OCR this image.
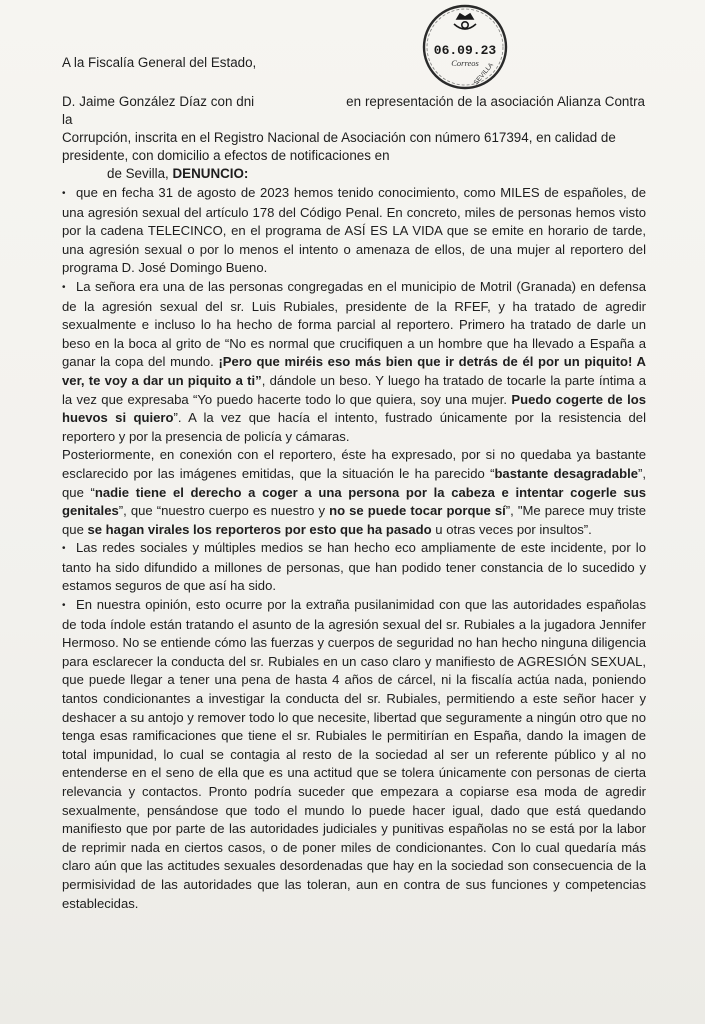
06.09.23
Correos
SEVILLA
A la Fiscalía General del Estado,
D. Jaime González Díaz con dni	en representación de la asociación Alianza Contra la
Corrupción, inscrita en el Registro Nacional de Asociación con número 617394, en calidad de
presidente, con domicilio a efectos de notificaciones en
de Sevilla, DENUNCIO:

• que en fecha 31 de agosto de 2023 hemos tenido conocimiento, como MILES de españoles, de una agresión sexual del artículo 178 del Código Penal. En concreto, miles de personas hemos visto por la cadena TELECINCO, en el programa de ASÍ ES LA VIDA que se emite en horario de tarde, una agresión sexual o por lo menos el intento o amenaza de ellos, de una mujer al reportero del programa D. José Domingo Bueno.

• La señora era una de las personas congregadas en el municipio de Motril (Granada) en defensa de la agresión sexual del sr. Luis Rubiales, presidente de la RFEF, y ha tratado de agredir sexualmente e incluso lo ha hecho de forma parcial al reportero. Primero ha tratado de darle un beso en la boca al grito de “No es normal que crucifiquen a un hombre que ha llevado a España a ganar la copa del mundo. ¡Pero que miréis eso más bien que ir detrás de él por un piquito! A ver, te voy a dar un piquito a ti”, dándole un beso. Y luego ha tratado de tocarle la parte íntima a la vez que expresaba “Yo puedo hacerte todo lo que quiera, soy una mujer. Puedo cogerte de los huevos si quiero”. A la vez que hacía el intento, fustrado únicamente por la resistencia del reportero y por la presencia de policía y cámaras.

Posteriormente, en conexión con el reportero, éste ha expresado, por si no quedaba ya bastante esclarecido por las imágenes emitidas, que la situación le ha parecido “bastante desagradable”, que “nadie tiene el derecho a coger a una persona por la cabeza e intentar cogerle sus genitales”, que “nuestro cuerpo es nuestro y no se puede tocar porque sí”, "Me parece muy triste que se hagan virales los reporteros por esto que ha pasado u otras veces por insultos”.

• Las redes sociales y múltiples medios se han hecho eco ampliamente de este incidente, por lo tanto ha sido difundido a millones de personas, que han podido tener constancia de lo sucedido y estamos seguros de que así ha sido.

• En nuestra opinión, esto ocurre por la extraña pusilanimidad con que las autoridades españolas de toda índole están tratando el asunto de la agresión sexual del sr. Rubiales a la jugadora Jennifer Hermoso. No se entiende cómo las fuerzas y cuerpos de seguridad no han hecho ninguna diligencia para esclarecer la conducta del sr. Rubiales en un caso claro y manifiesto de AGRESIÓN SEXUAL, que puede llegar a tener una pena de hasta 4 años de cárcel, ni la fiscalía actúa nada, poniendo tantos condicionantes a investigar la conducta del sr. Rubiales, permitiendo a este señor hacer y deshacer a su antojo y remover todo lo que necesite, libertad que seguramente a ningún otro que no tenga esas ramificaciones que tiene el sr. Rubiales le permitirían en España, dando la imagen de total impunidad, lo cual se contagia al resto de la sociedad al ser un referente público y al no entenderse en el seno de ella que es una actitud que se tolera únicamente con personas de cierta relevancia y contactos. Pronto podría suceder que empezara a copiarse esa moda de agredir sexualmente, pensándose que todo el mundo lo puede hacer igual, dado que está quedando manifiesto que por parte de las autoridades judiciales y punitivas españolas no se está por la labor de reprimir nada en ciertos casos, o de poner miles de condicionantes. Con lo cual quedaría más claro aún que las actitudes sexuales desordenadas que hay en la sociedad son consecuencia de la permisividad de las autoridades que las toleran, aun en contra de sus funciones y competencias establecidas.
